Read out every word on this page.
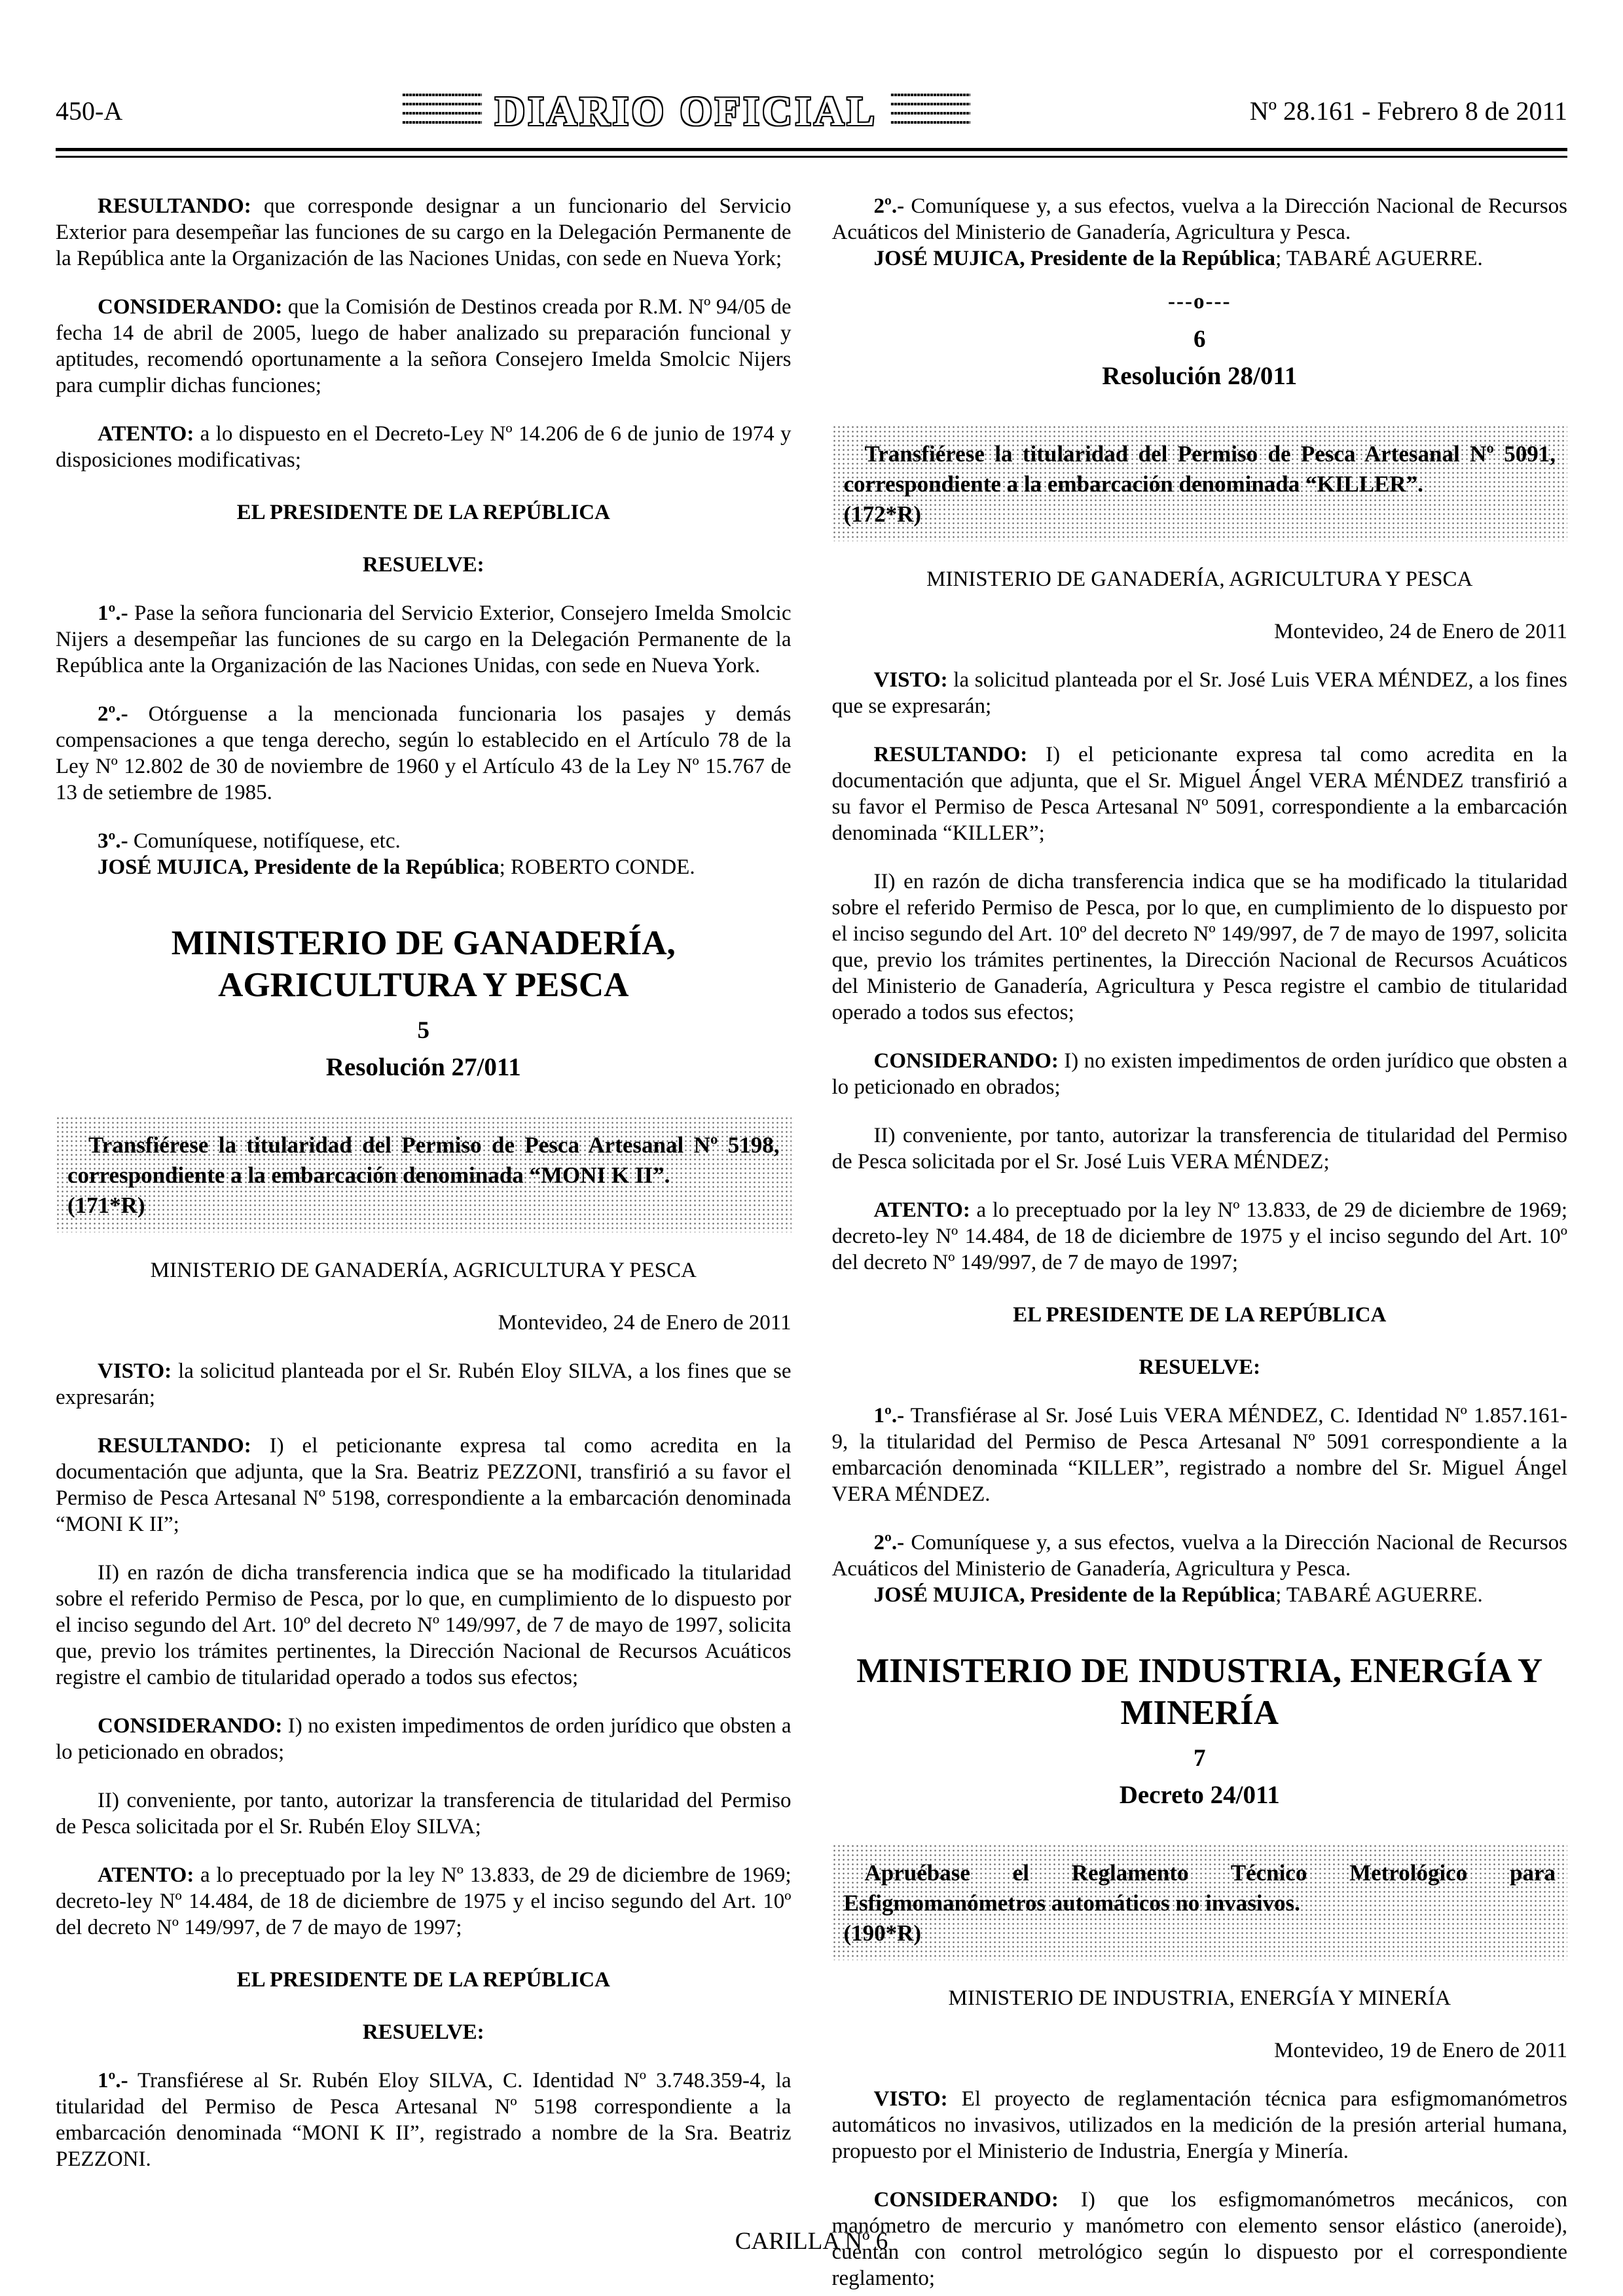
450-A	DIARIO OFICIAL	Nº 28.161 - Febrero 8 de 2011

RESULTANDO: que corresponde designar a un funcionario del Servicio Exterior para desempeñar las funciones de su cargo en la Delegación Permanente de la República ante la Organización de las Naciones Unidas, con sede en Nueva York;

CONSIDERANDO: que la Comisión de Destinos creada por R.M. Nº 94/05 de fecha 14 de abril de 2005, luego de haber analizado su preparación funcional y aptitudes, recomendó oportunamente a la señora Consejero Imelda Smolcic Nijers para cumplir dichas funciones;

ATENTO: a lo dispuesto en el Decreto-Ley Nº 14.206 de 6 de junio de 1974 y disposiciones modificativas;

EL PRESIDENTE DE LA REPÚBLICA

RESUELVE:

1º.- Pase la señora funcionaria del Servicio Exterior, Consejero Imelda Smolcic Nijers a desempeñar las funciones de su cargo en la Delegación Permanente de la República ante la Organización de las Naciones Unidas, con sede en Nueva York.

2º.- Otórguense a la mencionada funcionaria los pasajes y demás compensaciones a que tenga derecho, según lo establecido en el Artículo 78 de la Ley Nº 12.802 de 30 de noviembre de 1960 y el Artículo 43 de la Ley Nº 15.767 de 13 de setiembre de 1985.

3º.- Comuníquese, notifíquese, etc.

JOSÉ MUJICA, Presidente de la República; ROBERTO CONDE.

MINISTERIO DE GANADERÍA, AGRICULTURA Y PESCA

5

Resolución 27/011

Transfiérese la titularidad del Permiso de Pesca Artesanal Nº 5198, correspondiente a la embarcación denominada “MONI K II”.

(171*R)

MINISTERIO DE GANADERÍA, AGRICULTURA Y PESCA

Montevideo, 24 de Enero de 2011

VISTO: la solicitud planteada por el Sr. Rubén Eloy SILVA, a los fines que se expresarán;

RESULTANDO: I) el peticionante expresa tal como acredita en la documentación que adjunta, que la Sra. Beatriz PEZZONI, transfirió a su favor el Permiso de Pesca Artesanal Nº 5198, correspondiente a la embarcación denominada “MONI K II”;

II) en razón de dicha transferencia indica que se ha modificado la titularidad sobre el referido Permiso de Pesca, por lo que, en cumplimiento de lo dispuesto por el inciso segundo del Art. 10º del decreto Nº 149/997, de 7 de mayo de 1997, solicita que, previo los trámites pertinentes, la Dirección Nacional de Recursos Acuáticos registre el cambio de titularidad operado a todos sus efectos;

CONSIDERANDO: I) no existen impedimentos de orden jurídico que obsten a lo peticionado en obrados;

II) conveniente, por tanto, autorizar la transferencia de titularidad del Permiso de Pesca solicitada por el Sr. Rubén Eloy SILVA;

ATENTO: a lo preceptuado por la ley Nº 13.833, de 29 de diciembre de 1969; decreto-ley Nº 14.484, de 18 de diciembre de 1975 y el inciso segundo del Art. 10º del decreto Nº 149/997, de 7 de mayo de 1997;

EL PRESIDENTE DE LA REPÚBLICA

RESUELVE:

1º.- Transfiérese al Sr. Rubén Eloy SILVA, C. Identidad Nº 3.748.359-4, la titularidad del Permiso de Pesca Artesanal Nº 5198 correspondiente a la embarcación denominada “MONI K II”, registrado a nombre de la Sra. Beatriz PEZZONI.

2º.- Comuníquese y, a sus efectos, vuelva a la Dirección Nacional de Recursos Acuáticos del Ministerio de Ganadería, Agricultura y Pesca.

JOSÉ MUJICA, Presidente de la República; TABARÉ AGUERRE.

---o---

6

Resolución 28/011

Transfiérese la titularidad del Permiso de Pesca Artesanal Nº 5091, correspondiente a la embarcación denominada “KILLER”.

(172*R)

MINISTERIO DE GANADERÍA, AGRICULTURA Y PESCA

Montevideo, 24 de Enero de 2011

VISTO: la solicitud planteada por el Sr. José Luis VERA MÉNDEZ, a los fines que se expresarán;

RESULTANDO: I) el peticionante expresa tal como acredita en la documentación que adjunta, que el Sr. Miguel Ángel VERA MÉNDEZ transfirió a su favor el Permiso de Pesca Artesanal Nº 5091, correspondiente a la embarcación denominada “KILLER”;

II) en razón de dicha transferencia indica que se ha modificado la titularidad sobre el referido Permiso de Pesca, por lo que, en cumplimiento de lo dispuesto por el inciso segundo del Art. 10º del decreto Nº 149/997, de 7 de mayo de 1997, solicita que, previo los trámites pertinentes, la Dirección Nacional de Recursos Acuáticos del Ministerio de Ganadería, Agricultura y Pesca registre el cambio de titularidad operado a todos sus efectos;

CONSIDERANDO: I) no existen impedimentos de orden jurídico que obsten a lo peticionado en obrados;

II) conveniente, por tanto, autorizar la transferencia de titularidad del Permiso de Pesca solicitada por el Sr. José Luis VERA MÉNDEZ;

ATENTO: a lo preceptuado por la ley Nº 13.833, de 29 de diciembre de 1969; decreto-ley Nº 14.484, de 18 de diciembre de 1975 y el inciso segundo del Art. 10º del decreto Nº 149/997, de 7 de mayo de 1997;

EL PRESIDENTE DE LA REPÚBLICA

RESUELVE:

1º.- Transfiérase al Sr. José Luis VERA MÉNDEZ, C. Identidad Nº 1.857.161-9, la titularidad del Permiso de Pesca Artesanal Nº 5091 correspondiente a la embarcación denominada “KILLER”, registrado a nombre del Sr. Miguel Ángel VERA MÉNDEZ.

2º.- Comuníquese y, a sus efectos, vuelva a la Dirección Nacional de Recursos Acuáticos del Ministerio de Ganadería, Agricultura y Pesca.

JOSÉ MUJICA, Presidente de la República; TABARÉ AGUERRE.

MINISTERIO DE INDUSTRIA, ENERGÍA Y MINERÍA

7

Decreto 24/011

Apruébase el Reglamento Técnico Metrológico para Esfigmomanómetros automáticos no invasivos.

(190*R)

MINISTERIO DE INDUSTRIA, ENERGÍA Y MINERÍA

Montevideo, 19 de Enero de 2011

VISTO: El proyecto de reglamentación técnica para esfigmomanómetros automáticos no invasivos, utilizados en la medición de la presión arterial humana, propuesto por el Ministerio de Industria, Energía y Minería.

CONSIDERANDO: I) que los esfigmomanómetros mecánicos, con manómetro de mercurio y manómetro con elemento sensor elástico (aneroide), cuentan con control metrológico según lo dispuesto por el correspondiente reglamento;

CARILLA Nº 6
